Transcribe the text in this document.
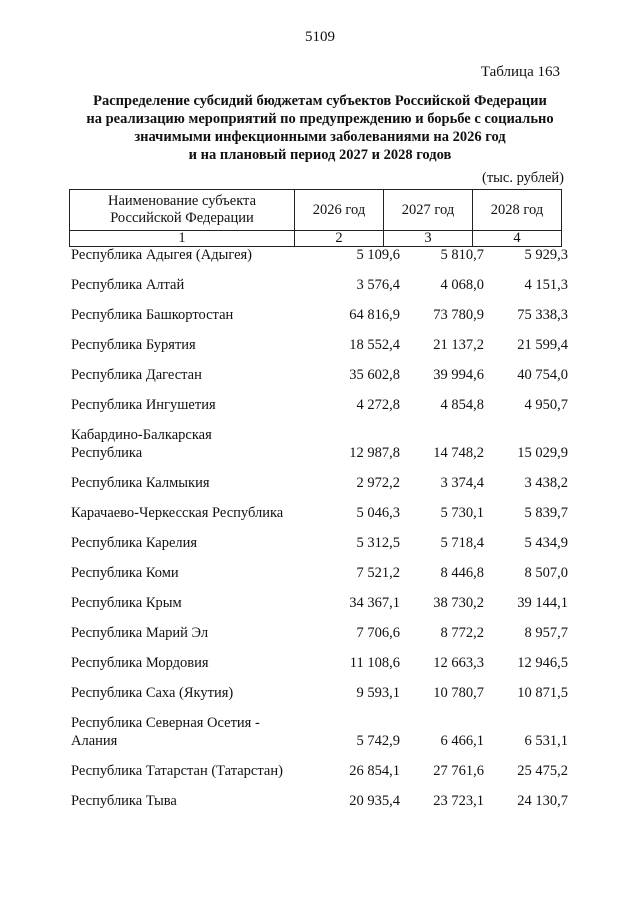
5109
Таблица 163
Распределение субсидий бюджетам субъектов Российской Федерации
на реализацию мероприятий по предупреждению и борьбе с социально
значимыми инфекционными заболеваниями на 2026 год
и на плановый период 2027 и 2028 годов
(тыс. рублей)
Наименование субъекта
Российской Федерации	2026 год	2027 год	2028 год
1	2	3	4
Республика Адыгея (Адыгея)	5 109,6	5 810,7	5 929,3
Республика Алтай	3 576,4	4 068,0	4 151,3
Республика Башкортостан	64 816,9	73 780,9	75 338,3
Республика Бурятия	18 552,4	21 137,2	21 599,4
Республика Дагестан	35 602,8	39 994,6	40 754,0
Республика Ингушетия	4 272,8	4 854,8	4 950,7
Кабардино-Балкарская
Республика	12 987,8	14 748,2	15 029,9
Республика Калмыкия	2 972,2	3 374,4	3 438,2
Карачаево-Черкесская Республика	5 046,3	5 730,1	5 839,7
Республика Карелия	5 312,5	5 718,4	5 434,9
Республика Коми	7 521,2	8 446,8	8 507,0
Республика Крым	34 367,1	38 730,2	39 144,1
Республика Марий Эл	7 706,6	8 772,2	8 957,7
Республика Мордовия	11 108,6	12 663,3	12 946,5
Республика Саха (Якутия)	9 593,1	10 780,7	10 871,5
Республика Северная Осетия -
Алания	5 742,9	6 466,1	6 531,1
Республика Татарстан (Татарстан)	26 854,1	27 761,6	25 475,2
Республика Тыва	20 935,4	23 723,1	24 130,7
